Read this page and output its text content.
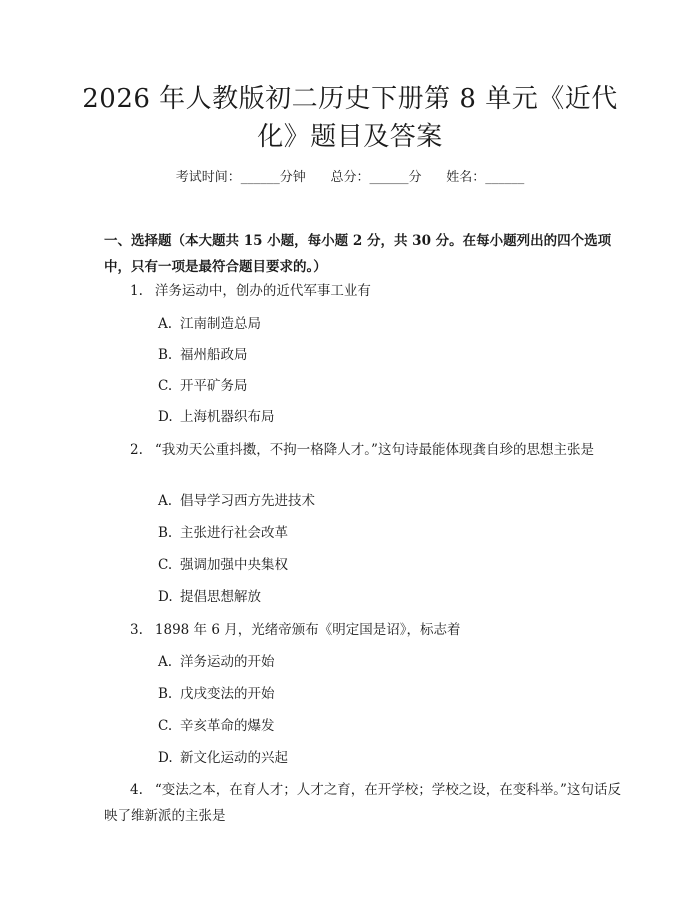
2026 年人教版初二历史下册第 8 单元《近代
化》题目及答案
考试时间：______分钟      总分：______分      姓名：______
一、选择题（本大题共 15 小题，每小题 2 分，共 30 分。在每小题列出的四个选项中，只有一项是最符合题目要求的。）
1. 洋务运动中，创办的近代军事工业有
A. 江南制造总局
B. 福州船政局
C. 开平矿务局
D. 上海机器织布局
2. “我劝天公重抖擞，不拘一格降人才。”这句诗最能体现龚自珍的思想主张是
A. 倡导学习西方先进技术
B. 主张进行社会改革
C. 强调加强中央集权
D. 提倡思想解放
3. 1898 年 6 月，光绪帝颁布《明定国是诏》，标志着
A. 洋务运动的开始
B. 戊戌变法的开始
C. 辛亥革命的爆发
D. 新文化运动的兴起
4. “变法之本，在育人才；人才之育，在开学校；学校之设，在变科举。”这句话反映了维新派的主张是
